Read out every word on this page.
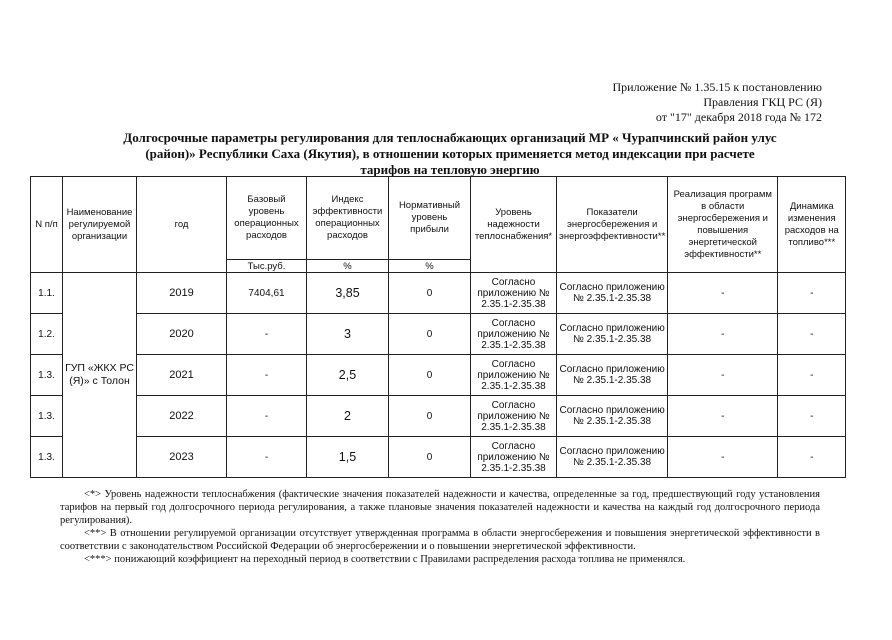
Приложение № 1.35.15 к постановлению
Правления ГКЦ РС (Я)
от "17" декабря 2018 года № 172
Долгосрочные параметры регулирования для теплоснабжающих организаций МР « Чурапчинский район улус
(район)» Республики Саха (Якутия), в отношении которых применяется метод индексации при расчете
тарифов на тепловую энергию
N п/п	Наименование регулируемой организации	год	Базовый уровень операционных расходов	Индекс эффективности операционных расходов	Нормативный уровень прибыли	Уровень надежности теплоснабжения*	Показатели энергосбережения и энергоэффективности**	Реализация программ в области энергосбережения и повышения энергетической эффективности**	Динамика изменения расходов на топливо***
			Тыс.руб.	%	%				
1.1.	ГУП «ЖКХ РС (Я)» с Толон	2019	7404,61	3,85	0	Согласно приложению № 2.35.1-2.35.38	Согласно приложению № 2.35.1-2.35.38	-	-
1.2.		2020	-	3	0	Согласно приложению № 2.35.1-2.35.38	Согласно приложению № 2.35.1-2.35.38	-	-
1.3.		2021	-	2,5	0	Согласно приложению № 2.35.1-2.35.38	Согласно приложению № 2.35.1-2.35.38	-	-
1.3.		2022	-	2	0	Согласно приложению № 2.35.1-2.35.38	Согласно приложению № 2.35.1-2.35.38	-	-
1.3.		2023	-	1,5	0	Согласно приложению № 2.35.1-2.35.38	Согласно приложению № 2.35.1-2.35.38	-	-

<*> Уровень надежности теплоснабжения (фактические значения показателей надежности и качества, определенные за год, предшествующий году установления тарифов на первый год долгосрочного периода регулирования, а также плановые значения показателей надежности и качества на каждый год долгосрочного периода регулирования).

<**> В отношении регулируемой организации отсутствует утвержденная программа в области энергосбережения и повышения энергетической эффективности в соответствии с законодательством Российской Федерации об энергосбережении и о повышении энергетической эффективности.

<***> понижающий коэффициент на переходный период в соответствии с Правилами распределения расхода топлива не применялся.
